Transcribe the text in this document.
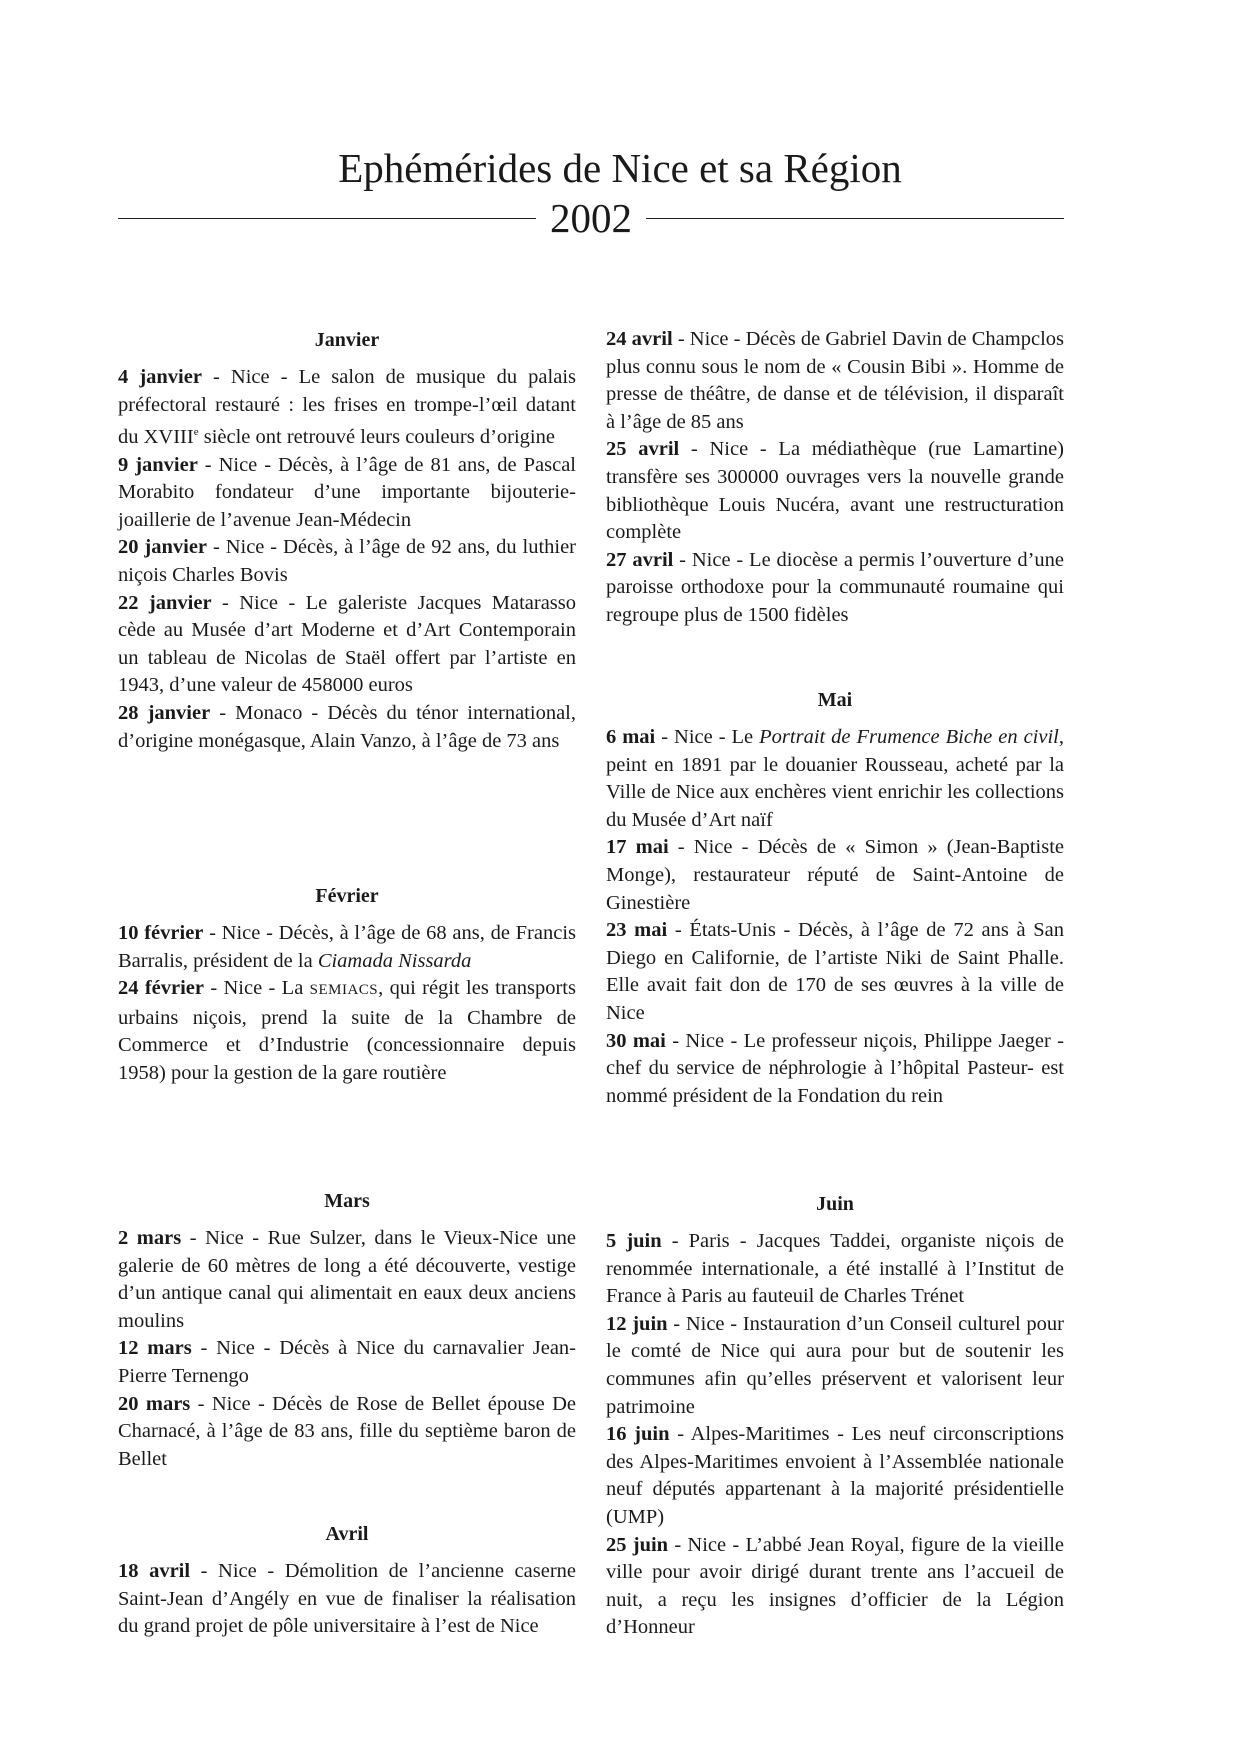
Ephémérides de Nice et sa Région
2002
Janvier

4 janvier - Nice - Le salon de musique du palais préfectoral restauré : les frises en trompe-l’œil datant du XVIIIe siècle ont retrouvé leurs couleurs d’origine

9 janvier - Nice - Décès, à l’âge de 81 ans, de Pascal Morabito fondateur d’une importante bijouterie-joaillerie de l’avenue Jean-Médecin

20 janvier - Nice - Décès, à l’âge de 92 ans, du luthier niçois Charles Bovis

22 janvier - Nice - Le galeriste Jacques Matarasso cède au Musée d’art Moderne et d’Art Contemporain un tableau de Nicolas de Staël offert par l’artiste en 1943, d’une valeur de 458000 euros

28 janvier - Monaco - Décès du ténor international, d’origine monégasque, Alain Vanzo, à l’âge de 73 ans

Février

10 février - Nice - Décès, à l’âge de 68 ans, de Francis Barralis, président de la Ciamada Nissarda

24 février - Nice - La SEMIACS, qui régit les transports urbains niçois, prend la suite de la Chambre de Commerce et d’Industrie (concessionnaire depuis 1958) pour la gestion de la gare routière

Mars

2 mars - Nice - Rue Sulzer, dans le Vieux-Nice une galerie de 60 mètres de long a été découverte, vestige d’un antique canal qui alimentait en eaux deux anciens moulins

12 mars - Nice - Décès à Nice du carnavalier Jean-Pierre Ternengo

20 mars - Nice - Décès de Rose de Bellet épouse De Charnacé, à l’âge de 83 ans, fille du septième baron de Bellet

Avril

18 avril - Nice - Démolition de l’ancienne caserne Saint-Jean d’Angély en vue de finaliser la réalisation du grand projet de pôle universitaire à l’est de Nice

24 avril - Nice - Décès de Gabriel Davin de Champclos plus connu sous le nom de « Cousin Bibi ». Homme de presse de théâtre, de danse et de télévision, il disparaît à l’âge de 85 ans

25 avril - Nice - La médiathèque (rue Lamartine) transfère ses 300000 ouvrages vers la nouvelle grande bibliothèque Louis Nucéra, avant une restructuration complète

27 avril - Nice - Le diocèse a permis l’ouverture d’une paroisse orthodoxe pour la communauté roumaine qui regroupe plus de 1500 fidèles

Mai

6 mai - Nice - Le Portrait de Frumence Biche en civil, peint en 1891 par le douanier Rousseau, acheté par la Ville de Nice aux enchères vient enrichir les collections du Musée d’Art naïf

17 mai - Nice - Décès de « Simon » (Jean-Baptiste Monge), restaurateur réputé de Saint-Antoine de Ginestière

23 mai - États-Unis - Décès, à l’âge de 72 ans à San Diego en Californie, de l’artiste Niki de Saint Phalle. Elle avait fait don de 170 de ses œuvres à la ville de Nice

30 mai - Nice - Le professeur niçois, Philippe Jaeger -chef du service de néphrologie à l’hôpital Pasteur- est nommé président de la Fondation du rein

Juin

5 juin - Paris - Jacques Taddei, organiste niçois de renommée internationale, a été installé à l’Institut de France à Paris au fauteuil de Charles Trénet

12 juin - Nice - Instauration d’un Conseil culturel pour le comté de Nice qui aura pour but de soutenir les communes afin qu’elles préservent et valorisent leur patrimoine

16 juin - Alpes-Maritimes - Les neuf circonscriptions des Alpes-Maritimes envoient à l’Assemblée nationale neuf députés appartenant à la majorité présidentielle (UMP)

25 juin - Nice - L’abbé Jean Royal, figure de la vieille ville pour avoir dirigé durant trente ans l’accueil de nuit, a reçu les insignes d’officier de la Légion d’Honneur
